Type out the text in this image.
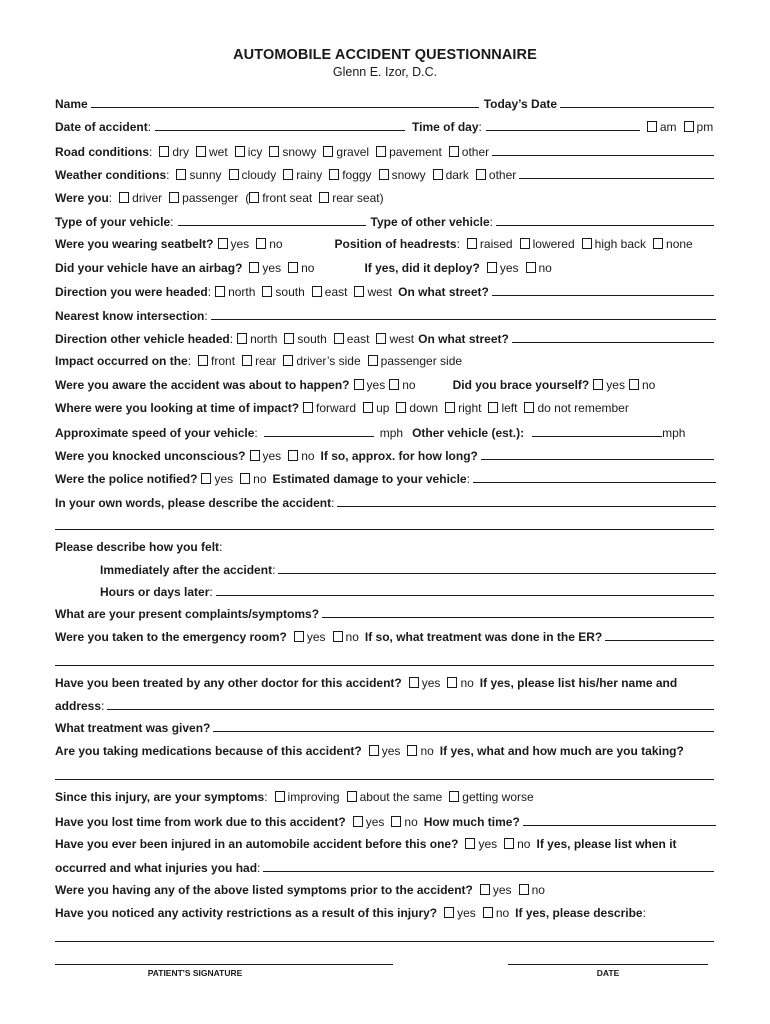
AUTOMOBILE ACCIDENT QUESTIONNAIRE
Glenn E. Izor, D.C.
Name	Today’s Date
Date of accident :	Time of day :	am pm
Road conditions : dry wet icy snowy gravel pavement other
Weather conditions : sunny cloudy rainy foggy snowy dark other
Were you : driver passenger ( front seat rear seat)
Type of your vehicle :	Type of other vehicle :
Were you wearing seatbelt? yes no	Position of headrests : raised lowered high back none
Did your vehicle have an airbag? yes no	If yes, did it deploy? yes no
Direction you were headed : north south east west On what street?
Nearest know intersection :
Direction other vehicle headed : north south east west On what street?
Impact occurred on the : front rear driver’s side passenger side
Were you aware the accident was about to happen? yes no	Did you brace yourself? yes no
Where were you looking at time of impact? forward up down right left do not remember
Approximate speed of your vehicle :	mph Other vehicle (est.):	mph
Were you knocked unconscious? yes no If so, approx. for how long?
Were the police notified? yes no Estimated damage to your vehicle :
In your own words, please describe the accident :
Please describe how you felt :
Immediately after the accident :
Hours or days later :
What are your present complaints/symptoms?
Were you taken to the emergency room? yes no If so, what treatment was done in the ER?
Have you been treated by any other doctor for this accident? yes no If yes, please list his/her name and
address :
What treatment was given?
Are you taking medications because of this accident? yes no If yes, what and how much are you taking?
Since this injury, are your symptoms : improving about the same getting worse
Have you lost time from work due to this accident? yes no How much time?
Have you ever been injured in an automobile accident before this one? yes no If yes, please list when it
occurred and what injuries you had :
Were you having any of the above listed symptoms prior to the accident? yes no
Have you noticed any activity restrictions as a result of this injury? yes no If yes, please describe :
PATIENT'S SIGNATURE	DATE
